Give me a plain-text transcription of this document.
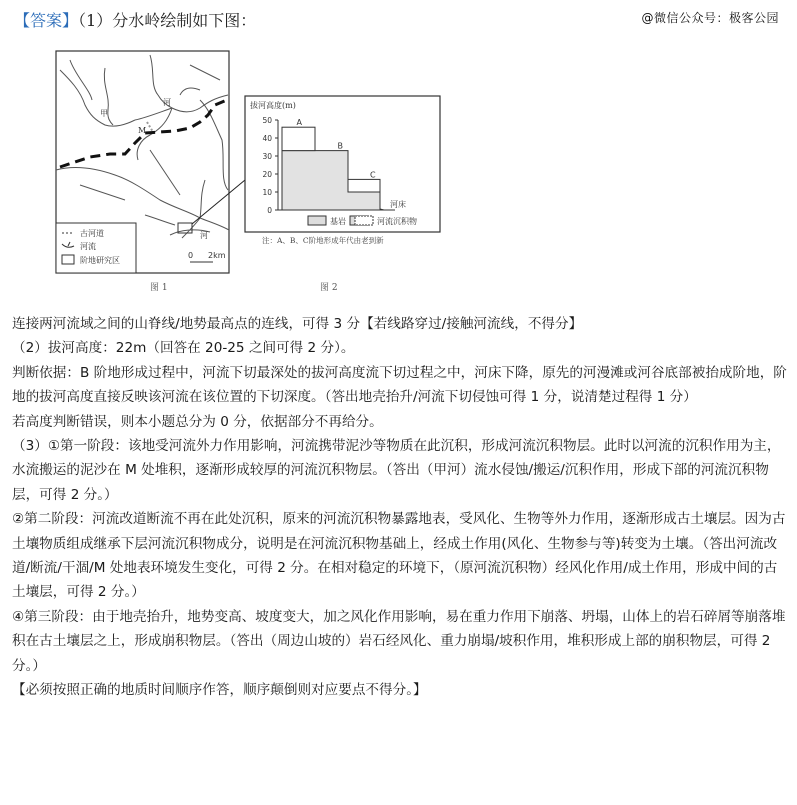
【答案】（1）分水岭绘制如下图：	@微信公众号：极客公园
M
甲
河
河
古河道
河流
阶地研究区
0 2km
图 1
拔河高度(m)
0
10
20
30
40
50	A
B
C
河床
基岩	河流沉积物
注：A、B、C阶地形成年代由老到新
图 2

连接两河流域之间的山脊线/地势最高点的连线，可得 3 分【若线路穿过/接触河流线，不得分】

（2）拔河高度：22m（回答在 20-25 之间可得 2 分）。

判断依据：B 阶地形成过程中，河流下切最深处的拔河高度流下切过程之中，河床下降，原先的河漫滩或河谷底部被抬成阶地，阶地的拔河高度直接反映该河流在该位置的下切深度。（答出地壳抬升/河流下切侵蚀可得 1 分，说清楚过程得 1 分）

若高度判断错误，则本小题总分为 0 分，依据部分不再给分。

（3）①第一阶段：该地受河流外力作用影响，河流携带泥沙等物质在此沉积，形成河流沉积物层。此时以河流的沉积作用为主，水流搬运的泥沙在 M 处堆积，逐渐形成较厚的河流沉积物层。（答出（甲河）流水侵蚀/搬运/沉积作用，形成下部的河流沉积物层，可得 2 分。）

②第二阶段：河流改道断流不再在此处沉积，原来的河流沉积物暴露地表，受风化、生物等外力作用，逐渐形成古土壤层。因为古土壤物质组成继承下层河流沉积物成分，说明是在河流沉积物基础上，经成土作用(风化、生物参与等)转变为土壤。（答出河流改道/断流/干涸/M 处地表环境发生变化，可得 2 分。在相对稳定的环境下，（原河流沉积物）经风化作用/成土作用，形成中间的古土壤层，可得 2 分。）

④第三阶段：由于地壳抬升，地势变高、坡度变大，加之风化作用影响，易在重力作用下崩落、坍塌，山体上的岩石碎屑等崩落堆积在古土壤层之上，形成崩积物层。（答出（周边山坡的）岩石经风化、重力崩塌/坡积作用，堆积形成上部的崩积物层，可得 2 分。）

【必须按照正确的地质时间顺序作答，顺序颠倒则对应要点不得分。】
